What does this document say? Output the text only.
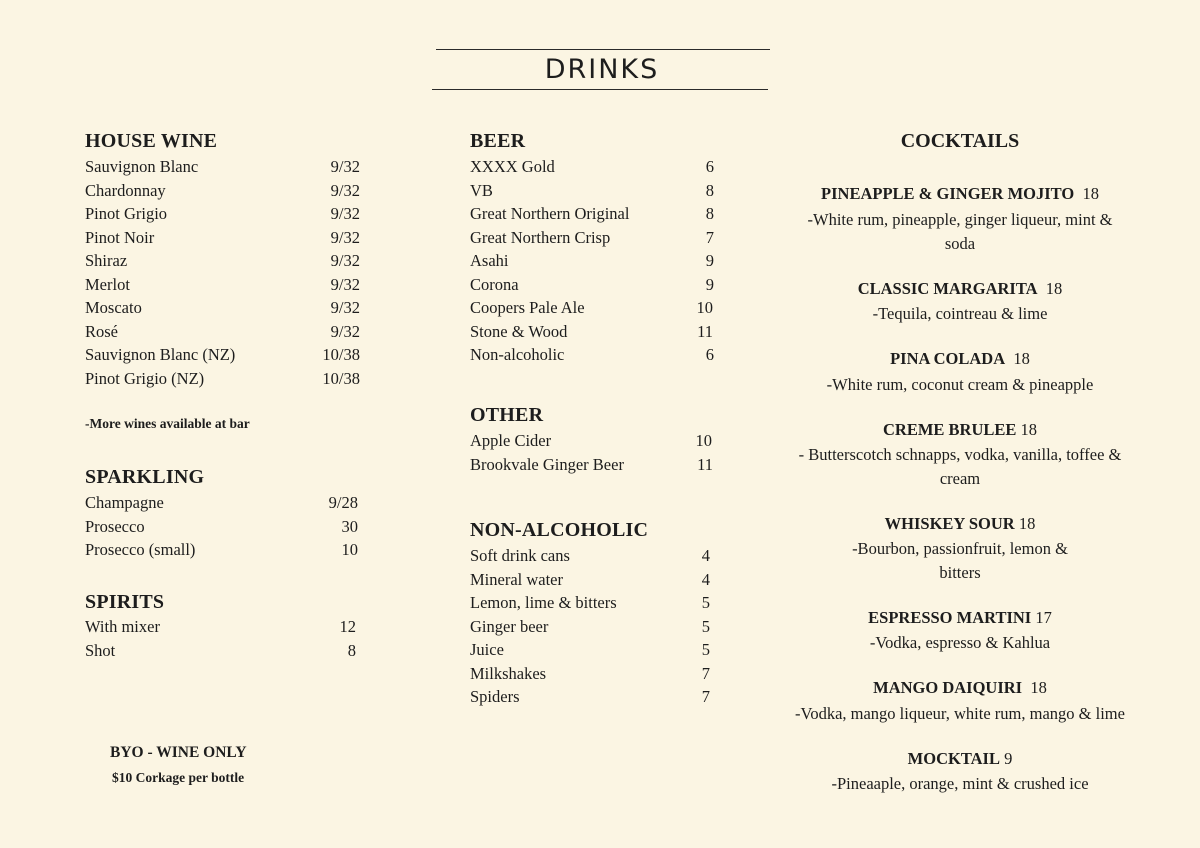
DRINKS
HOUSE WINE
Sauvignon Blanc	9/32
Chardonnay	9/32
Pinot Grigio	9/32
Pinot Noir	9/32
Shiraz	9/32
Merlot	9/32
Moscato	9/32
Rosé	9/32
Sauvignon Blanc (NZ)	10/38
Pinot Grigio (NZ)	10/38
-More wines available at bar
SPARKLING
Champagne	9/28
Prosecco	30
Prosecco (small)	10
SPIRITS
With mixer	12
Shot	8
BYO - WINE ONLY
$10 Corkage per bottle
BEER
XXXX Gold	6
VB	8
Great Northern Original	8
Great Northern Crisp	7
Asahi	9
Corona	9
Coopers Pale Ale	10
Stone & Wood	11
Non-alcoholic	6
OTHER
Apple Cider	10
Brookvale Ginger Beer	11
NON-ALCOHOLIC
Soft drink cans	4
Mineral water	4
Lemon, lime & bitters	5
Ginger beer	5
Juice	5
Milkshakes	7
Spiders	7
COCKTAILS
PINEAPPLE & GINGER MOJITO 18
-White rum, pineapple, ginger liqueur, mint & soda
CLASSIC MARGARITA 18
-Tequila, cointreau & lime
PINA COLADA 18
-White rum, coconut cream & pineapple
CREME BRULEE 18
- Butterscotch schnapps, vodka, vanilla, toffee & cream
WHISKEY SOUR 18
-Bourbon, passionfruit, lemon & bitters
ESPRESSO MARTINI 17
-Vodka, espresso & Kahlua
MANGO DAIQUIRI 18
-Vodka, mango liqueur, white rum, mango & lime
MOCKTAIL 9
-Pineaaple, orange, mint & crushed ice
